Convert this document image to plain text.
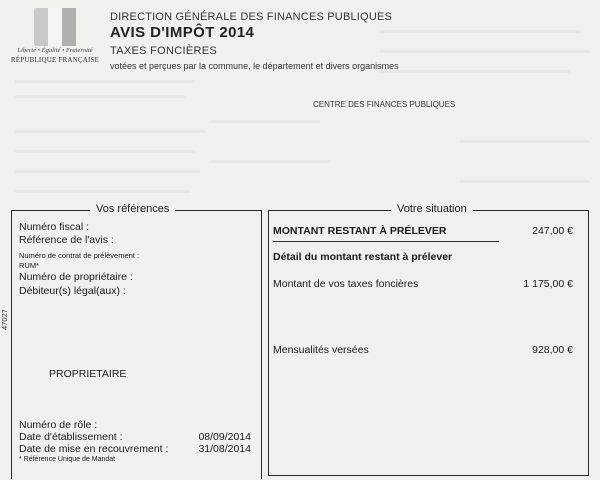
Liberté • Égalité • Fraternité
RÉPUBLIQUE FRANÇAISE
DIRECTION GÉNÉRALE DES FINANCES PUBLIQUES
AVIS D'IMPÔT 2014
TAXES FONCIÈRES
votées et perçues par la commune, le département et divers organismes
CENTRE DES FINANCES PUBLIQUES
47027
Vos références
Numéro fiscal :
Référence de l'avis :
Numéro de contrat de prélèvement :
RUM*
Numéro de propriétaire :
Débiteur(s) légal(aux) :
PROPRIETAIRE
Numéro de rôle :
Date d'établissement :	08/09/2014
Date de mise en recouvrement :	31/08/2014
* Référence Unique de Mandat
Votre situation
MONTANT RESTANT À PRÉLEVER	247,00 €
Détail du montant restant à prélever
Montant de vos taxes foncières	1 175,00 €
Mensualités versées	928,00 €
